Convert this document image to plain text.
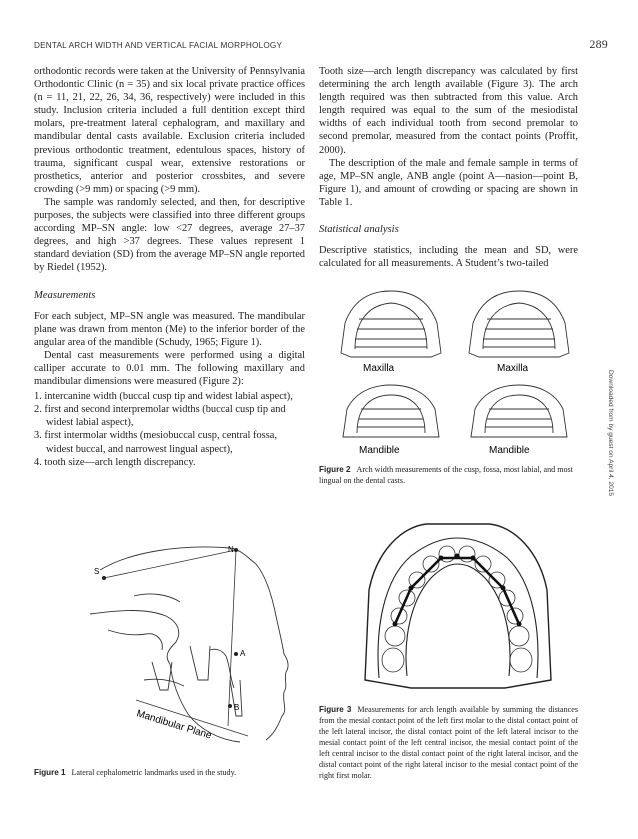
DENTAL ARCH WIDTH AND VERTICAL FACIAL MORPHOLOGY	289

orthodontic records were taken at the University of Pennsylvania Orthodontic Clinic (n = 35) and six local private practice offices (n = 11, 21, 22, 26, 34, 36, respectively) were included in this study. Inclusion criteria included a full dentition except third molars, pre-treatment lateral cephalogram, and maxillary and mandibular dental casts available. Exclusion criteria included previous orthodontic treatment, edentulous spaces, history of trauma, significant cuspal wear, extensive restorations or prosthetics, anterior and posterior crossbites, and severe crowding (>9 mm) or spacing (>9 mm).

The sample was randomly selected, and then, for descriptive purposes, the subjects were classified into three different groups according MP–SN angle: low <27 degrees, average 27–37 degrees, and high >37 degrees. These values represent 1 standard deviation (SD) from the average MP–SN angle reported by Riedel (1952).

Measurements

For each subject, MP–SN angle was measured. The mandibular plane was drawn from menton (Me) to the inferior border of the angular area of the mandible (Schudy, 1965; Figure 1).

Dental cast measurements were performed using a digital calliper accurate to 0.01 mm. The following maxillary and mandibular dimensions were measured (Figure 2):

1. intercanine width (buccal cusp tip and widest labial aspect),
2. first and second interpremolar widths (buccal cusp tip and widest labial aspect),
3. first intermolar widths (mesiobuccal cusp, central fossa, widest buccal, and narrowest lingual aspect),
4. tooth size—arch length discrepancy.

Tooth size—arch length discrepancy was calculated by first determining the arch length available (Figure 3). The arch length required was then subtracted from this value. Arch length required was equal to the sum of the mesiodistal widths of each individual tooth from second premolar to second premolar, measured from the contact points (Proffit, 2000).

The description of the male and female sample in terms of age, MP–SN angle, ANB angle (point A—nasion—point B, Figure 1), and amount of crowding or spacing are shown in Table 1.

Statistical analysis

Descriptive statistics, including the mean and SD, were calculated for all measurements. A Student’s two-tailed

S
N
A
B
Mandibular Plane
Figure 1 Lateral cephalometric landmarks used in the study.
Maxilla	Maxilla
Mandible	Mandible
Figure 2 Arch width measurements of the cusp, fossa, most labial, and most lingual on the dental casts.
Figure 3 Measurements for arch length available by summing the distances from the mesial contact point of the left first molar to the distal contact point of the left lateral incisor, the distal contact point of the left lateral incisor to the mesial contact point of the left central incisor, the mesial contact point of the left central incisor to the distal contact point of the right lateral incisor, and the distal contact point of the right lateral incisor to the mesial contact point of the right first molar.
Downloaded from by guest on April 4, 2015
